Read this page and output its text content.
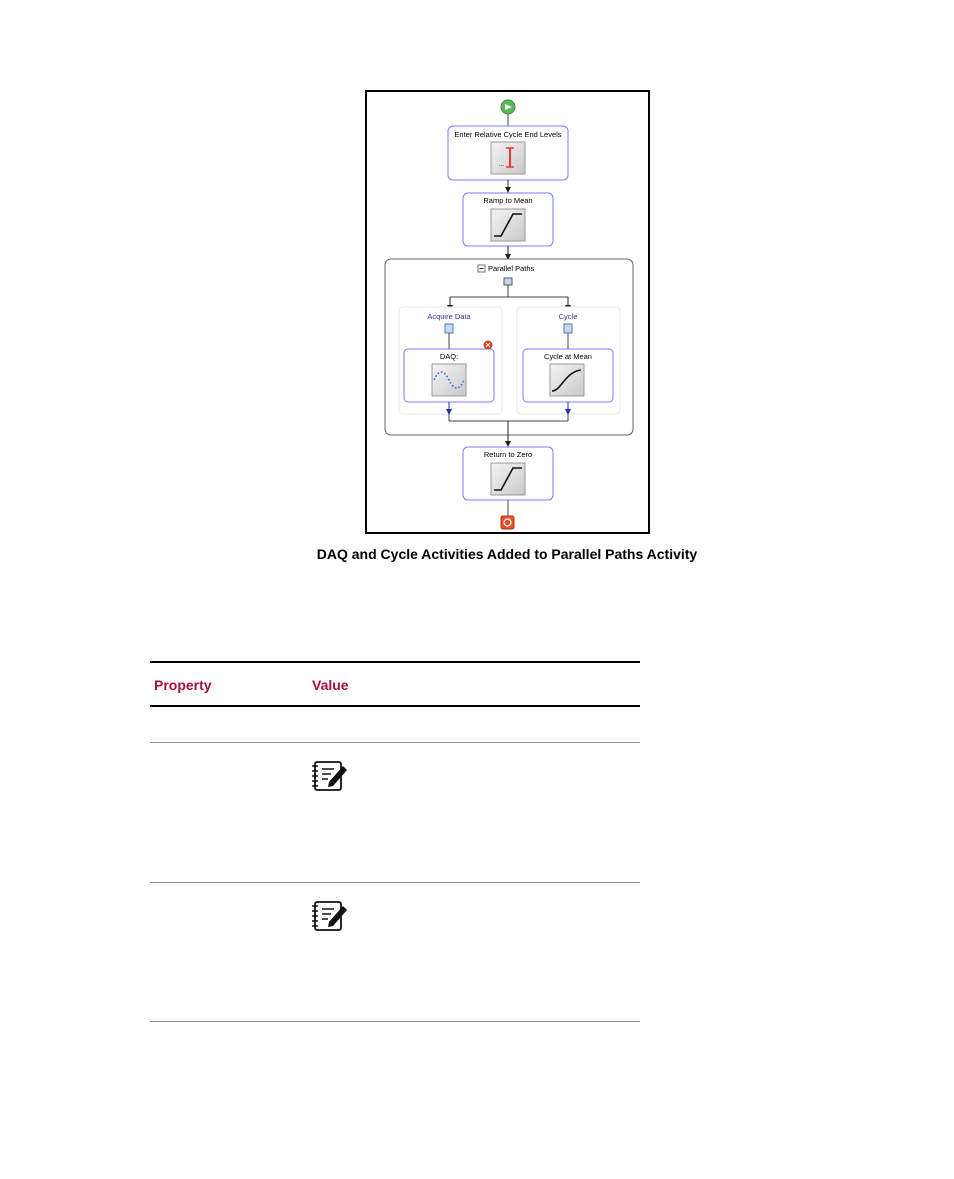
Enter Relative Cycle End Levels
...
Ramp to Mean
Parallel Paths
Acquire Data
DAQ:
Cycle
Cycle at Mean
Return to Zero
DAQ and Cycle Activities Added to Parallel Paths Activity
Property	Value
